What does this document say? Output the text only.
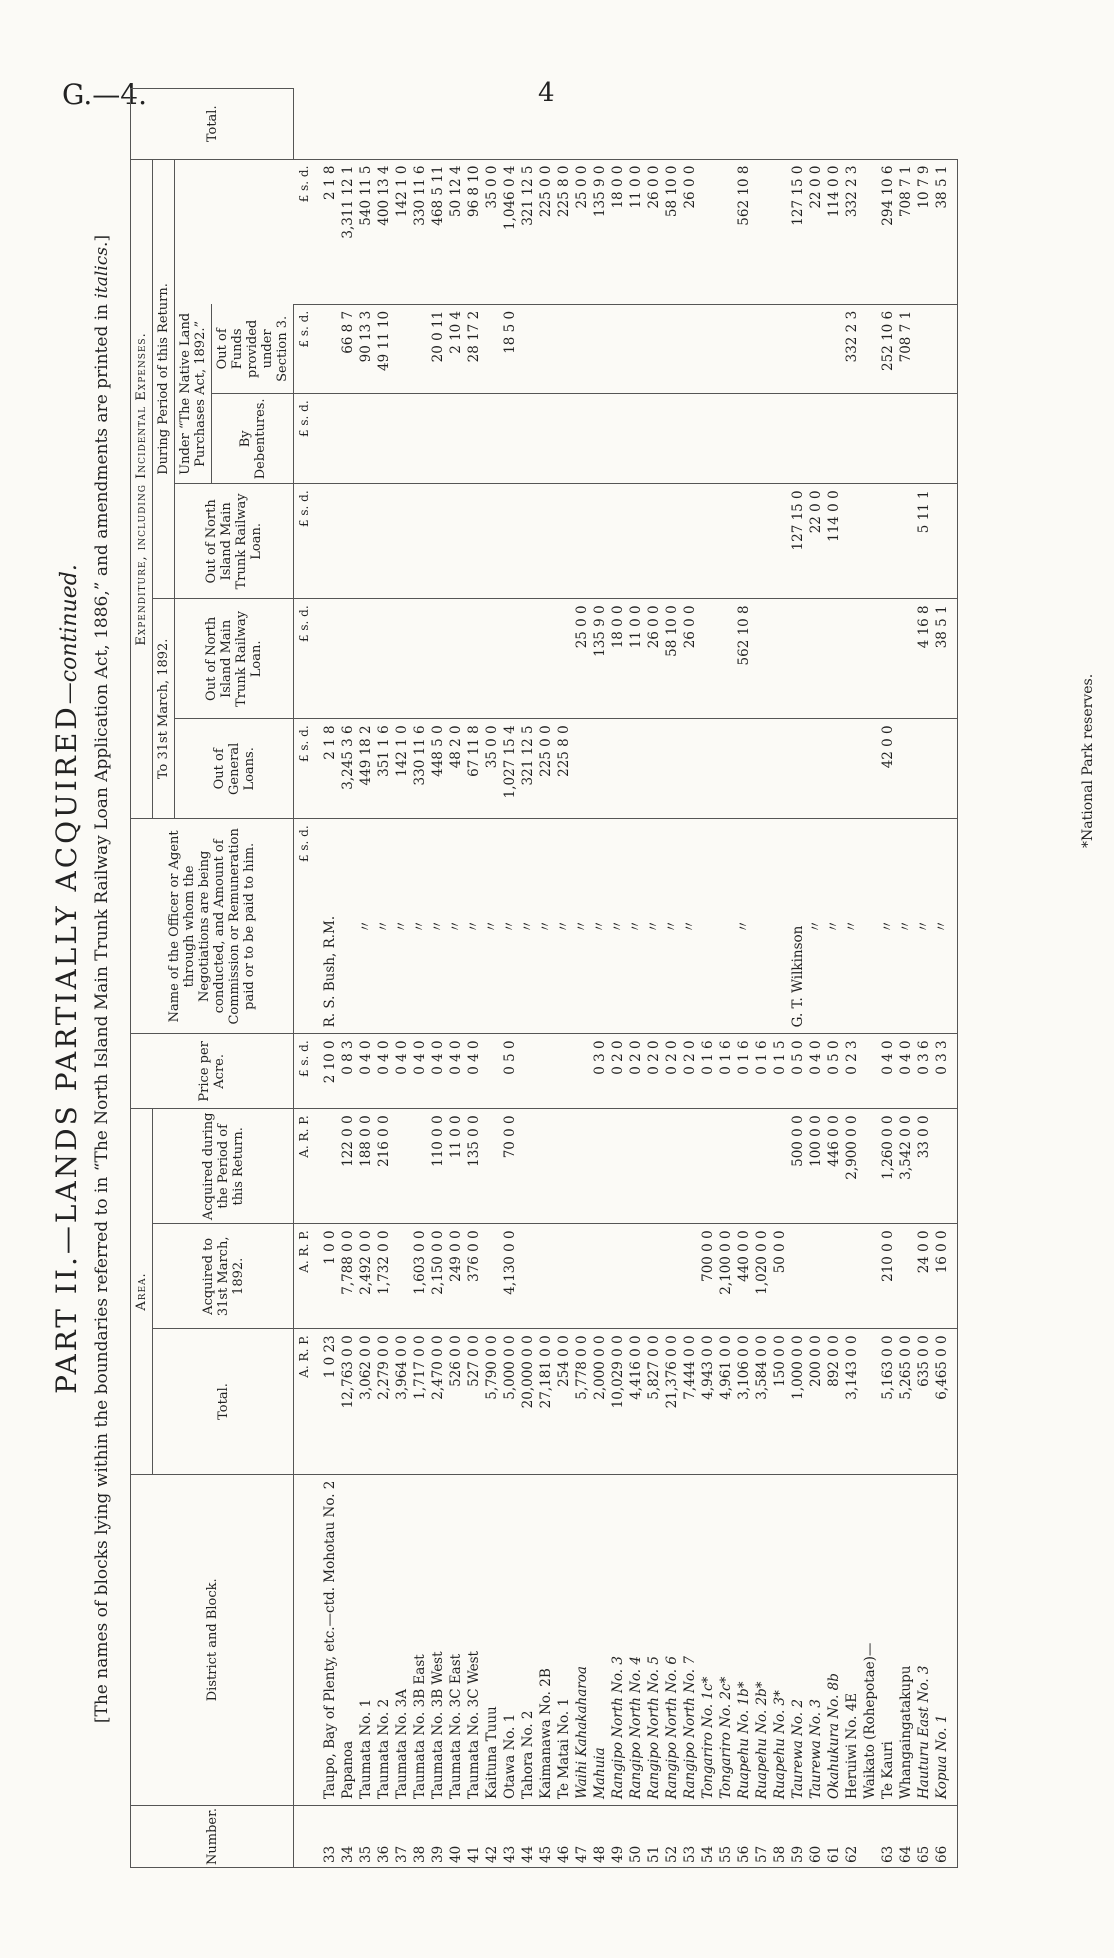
G.—4.	4
PART II.—LANDS PARTIALLY ACQUIRED—continued. [The names of blocks lying within the boundaries referred to in “The North Island Main Trunk Railway Loan Application Act, 1886,” and amendments are printed in italics.]
Number.	District and Block.	Area.			Price per Acre.	Name of the Officer or Agent through whom the Negotiations are being conducted, and Amount of Commission or Remuneration paid or to be paid to him.	Expenditure, including Incidental Expenses.						Total.
		Total.	Acquired to 31st March, 1892.	Acquired during the Period of this Return.			To 31st March, 1892.		During Period of this Return.				
							Out of General Loans.	Out of North Island Main Trunk Railway Loan.	Out of North Island Main Trunk Railway Loan.	Under “The Native Land Purchases Act, 1892.”			
										By Debentures.	Out of Funds provided under Section 3.		
		A. R. P.	A. R. P.	A. R. P.	£ s. d.	£ s. d.	£ s. d.	£ s. d.	£ s. d.	£ s. d.	£ s. d.	£ s. d.	
33	Taupo, Bay of Plenty, etc.—ctd. Mohotau No. 2	1 0 23	1 0 0		2 10 0	R. S. Bush, R.M.	2 1 8					2 1 8	
34	Papanoa	12,763 0 0	7,788 0 0	122 0 0	0 8 3		3,245 3 6				66 8 7	3,311 12 1	
35	Taumata No. 1	3,062 0 0	2,492 0 0	188 0 0	0 4 0	〃	449 18 2				90 13 3	540 11 5	
36	Taumata No. 2	2,279 0 0	1,732 0 0	216 0 0	0 4 0	〃	351 1 6				49 11 10	400 13 4	
37	Taumata No. 3A	3,964 0 0			0 4 0	〃	142 1 0					142 1 0	
38	Taumata No. 3B East	1,717 0 0	1,603 0 0		0 4 0	〃	330 11 6					330 11 6	
39	Taumata No. 3B West	2,470 0 0	2,150 0 0	110 0 0	0 4 0	〃	448 5 0				20 0 11	468 5 11	
40	Taumata No. 3C East	526 0 0	249 0 0	11 0 0	0 4 0	〃	48 2 0				2 10 4	50 12 4	
41	Taumata No. 3C West	527 0 0	376 0 0	135 0 0	0 4 0	〃	67 11 8				28 17 2	96 8 10	
42	Kaituna Tuuu	5,790 0 0				〃	35 0 0					35 0 0	
43	Otawa No. 1	5,000 0 0	4,130 0 0	70 0 0	0 5 0	〃	1,027 15 4				18 5 0	1,046 0 4	
44	Tahora No. 2	20,000 0 0				〃	321 12 5					321 12 5	
45	Kaimanawa No. 2B	27,181 0 0				〃	225 0 0					225 0 0	
46	Te Matai No. 1	254 0 0				〃	225 8 0					225 8 0	
47	Waihi Kahakaharoa	5,778 0 0				〃		25 0 0				25 0 0	
48	Mahuia	2,000 0 0			0 3 0	〃		135 9 0				135 9 0	
49	Rangipo North No. 3	10,029 0 0			0 2 0	〃		18 0 0				18 0 0	
50	Rangipo North No. 4	4,416 0 0			0 2 0	〃		11 0 0				11 0 0	
51	Rangipo North No. 5	5,827 0 0			0 2 0	〃		26 0 0				26 0 0	
52	Rangipo North No. 6	21,376 0 0			0 2 0	〃		58 10 0				58 10 0	
53	Rangipo North No. 7	7,444 0 0			0 2 0	〃		26 0 0				26 0 0	
54	Tongariro No. 1c*	4,943 0 0	700 0 0		0 1 6								
55	Tongariro No. 2c*	4,961 0 0	2,100 0 0		0 1 6								
56	Ruapehu No. 1b*	3,106 0 0	440 0 0		0 1 6	〃		562 10 8				562 10 8	
57	Ruapehu No. 2b*	3,584 0 0	1,020 0 0		0 1 6								
58	Ruapehu No. 3*	150 0 0	50 0 0		0 1 5								
59	Taurewa No. 2	1,000 0 0		500 0 0	0 5 0	G. T. Wilkinson			127 15 0			127 15 0	
60	Taurewa No. 3	200 0 0		100 0 0	0 4 0	〃			22 0 0			22 0 0	
61	Okahukura No. 8b	892 0 0		446 0 0	0 5 0	〃			114 0 0			114 0 0	
62	Heruiwi No. 4E	3,143 0 0		2,900 0 0	0 2 3	〃					332 2 3	332 2 3	
	Waikato (Rohepotae)—												
63	Te Kauri	5,163 0 0	210 0 0	1,260 0 0	0 4 0	〃	42 0 0				252 10 6	294 10 6	
64	Whangaingatakupu	5,265 0 0		3,542 0 0	0 4 0	〃					708 7 1	708 7 1	
65	Hauturu East No. 3	635 0 0	24 0 0	33 0 0	0 3 6	〃		4 16 8	5 11 1			10 7 9	
66	Kopua No. 1	6,465 0 0	16 0 0		0 3 3	〃		38 5 1				38 5 1	
*National Park reserves.
